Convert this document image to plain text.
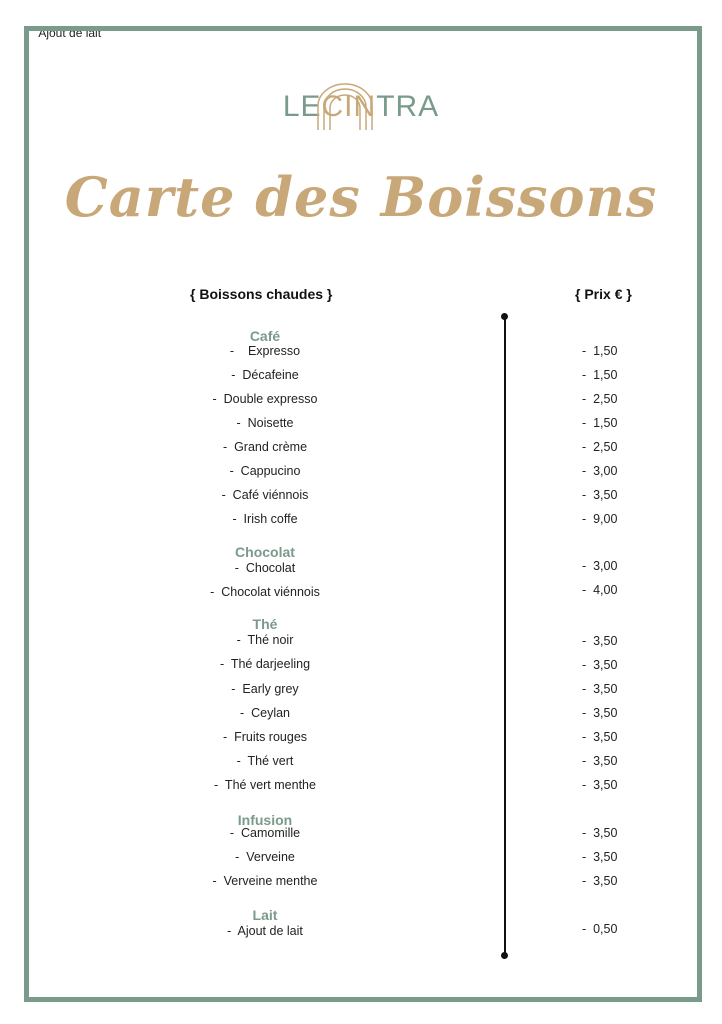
-   Ajout de lait
LE CIN TRA
Carte des Boissons
{ Boissons chaudes }	{ Prix € }
Café
-    Expresso	-  1,50
-  Décafeine	-  1,50
-  Double expresso	-  2,50
-  Noisette	-  1,50
-  Grand crème	-  2,50
-  Cappucino	-  3,00
-  Café viénnois	-  3,50
-  Irish coffe	-  9,00
Chocolat
-  Chocolat	-  3,00
-  Chocolat viénnois	-  4,00
Thé
-  Thé noir	-  3,50
-  Thé darjeeling	-  3,50
-  Early grey	-  3,50
-  Ceylan	-  3,50
-  Fruits rouges	-  3,50
-  Thé vert	-  3,50
-  Thé vert menthe	-  3,50
Infusion
-  Camomille	-  3,50
-  Verveine	-  3,50
-  Verveine menthe	-  3,50
Lait
-  Ajout de lait	-  0,50
